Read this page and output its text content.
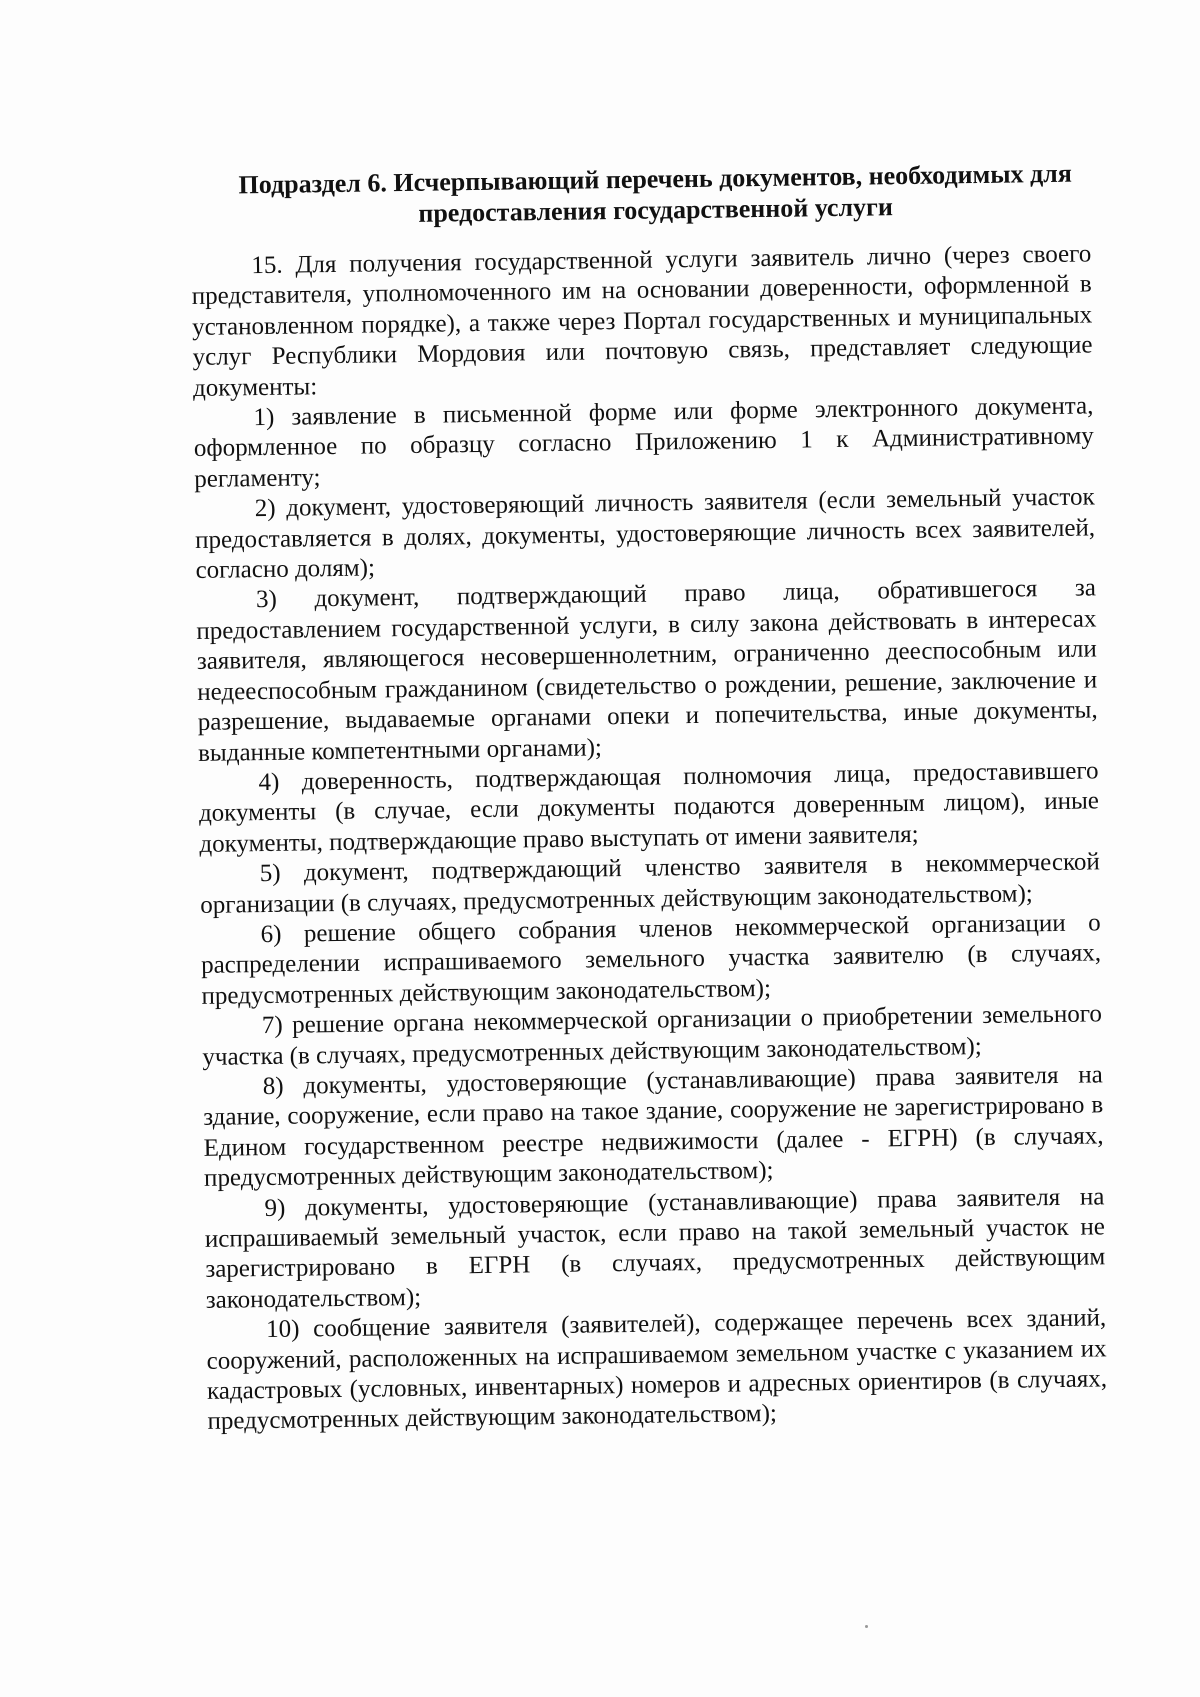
Подраздел 6. Исчерпывающий перечень документов, необходимых для
предоставления государственной услуги

15. Для получения государственной услуги заявитель лично (через своего представителя, уполномоченного им на основании доверенности, оформленной в установленном порядке), а также через Портал государственных и муниципальных услуг Республики Мордовия или почтовую связь, представляет следующие документы:

1) заявление в письменной форме или форме электронного документа, оформленное по образцу согласно Приложению 1 к Административному регламенту;

2) документ, удостоверяющий личность заявителя (если земельный участок предоставляется в долях, документы, удостоверяющие личность всех заявителей, согласно долям);

3) документ, подтверждающий право лица, обратившегося за предоставлением государственной услуги, в силу закона действовать в интересах заявителя, являющегося несовершеннолетним, ограниченно дееспособным или недееспособным гражданином (свидетельство о рождении, решение, заключение и разрешение, выдаваемые органами опеки и попечительства, иные документы, выданные компетентными органами);

4) доверенность, подтверждающая полномочия лица, предоставившего документы (в случае, если документы подаются доверенным лицом), иные документы, подтверждающие право выступать от имени заявителя;

5) документ, подтверждающий членство заявителя в некоммерческой организации (в случаях, предусмотренных действующим законодательством);

6) решение общего собрания членов некоммерческой организации о распределении испрашиваемого земельного участка заявителю (в случаях, предусмотренных действующим законодательством);

7) решение органа некоммерческой организации о приобретении земельного участка (в случаях, предусмотренных действующим законодательством);

8) документы, удостоверяющие (устанавливающие) права заявителя на здание, сооружение, если право на такое здание, сооружение не зарегистрировано в Едином государственном реестре недвижимости (далее - ЕГРН) (в случаях, предусмотренных действующим законодательством);

9) документы, удостоверяющие (устанавливающие) права заявителя на испрашиваемый земельный участок, если право на такой земельный участок не зарегистрировано в ЕГРН (в случаях, предусмотренных действующим законодательством);

10) сообщение заявителя (заявителей), содержащее перечень всех зданий, сооружений, расположенных на испрашиваемом земельном участке с указанием их кадастровых (условных, инвентарных) номеров и адресных ориентиров (в случаях, предусмотренных действующим законодательством);
